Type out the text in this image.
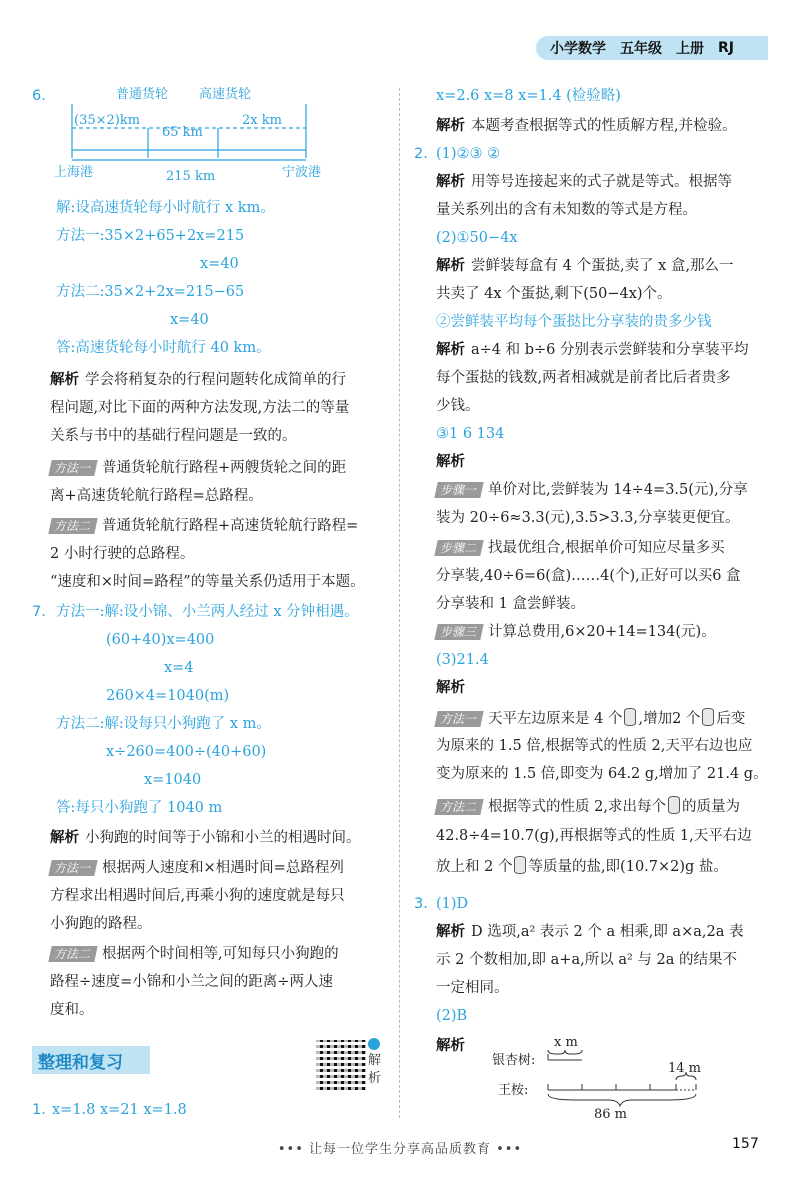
小学数学 五年级 上册 RJ
6.	普通货轮 高速货轮
(35×2)km
65 km
2x km
上海港	215 km	宁波港
解:设高速货轮每小时航行 x km。
方法一:35×2+65+2x=215
x=40
方法二:35×2+2x=215−65
x=40
答:高速货轮每小时航行 40 km。
解析 学会将稍复杂的行程问题转化成简单的行
程问题,对比下面的两种方法发现,方法二的等量
关系与书中的基础行程问题是一致的。
方法一 普通货轮航行路程+两艘货轮之间的距
离+高速货轮航行路程=总路程。
方法二 普通货轮航行路程+高速货轮航行路程=
2 小时行驶的总路程。
“速度和×时间=路程”的等量关系仍适用于本题。
7. 方法一:解:设小锦、小兰两人经过 x 分钟相遇。
(60+40)x=400
x=4
260×4=1040(m)
方法二:解:设每只小狗跑了 x m。
x÷260=400÷(40+60)
x=1040
答:每只小狗跑了 1040 m
解析 小狗跑的时间等于小锦和小兰的相遇时间。
方法一 根据两人速度和×相遇时间=总路程列
方程求出相遇时间后,再乘小狗的速度就是每只
小狗跑的路程。
方法二 根据两个时间相等,可知每只小狗跑的
路程÷速度=小锦和小兰之间的距离÷两人速
度和。
整理和复习	解
析
1. x=1.8 x=21 x=1.8
x=2.6 x=8 x=1.4 (检验略)
解析 本题考查根据等式的性质解方程,并检验。
2. (1)②③ ②
解析 用等号连接起来的式子就是等式。根据等
量关系列出的含有未知数的等式是方程。
(2)①50−4x
解析 尝鲜装每盒有 4 个蛋挞,卖了 x 盒,那么一
共卖了 4x 个蛋挞,剩下(50−4x)个。
②尝鲜装平均每个蛋挞比分享装的贵多少钱
解析 a÷4 和 b÷6 分别表示尝鲜装和分享装平均
每个蛋挞的钱数,两者相减就是前者比后者贵多
少钱。
③1 6 134
解析
步骤一 单价对比,尝鲜装为 14÷4=3.5(元),分享
装为 20÷6≈3.3(元),3.5>3.3,分享装更便宜。
步骤二 找最优组合,根据单价可知应尽量多买
分享装,40÷6=6(盒)……4(个),正好可以买6 盒
分享装和 1 盒尝鲜装。
步骤三 计算总费用,6×20+14=134(元)。
(3)21.4
解析
方法一 天平左边原来是 4 个 ,增加2 个 后变
为原来的 1.5 倍,根据等式的性质 2,天平右边也应
变为原来的 1.5 倍,即变为 64.2 g,增加了 21.4 g。
方法二 根据等式的性质 2,求出每个 的质量为
42.8÷4=10.7(g),再根据等式的性质 1,天平右边
放上和 2 个 等质量的盐,即(10.7×2)g 盐。
3. (1)D
解析 D 选项,a² 表示 2 个 a 相乘,即 a×a,2a 表
示 2 个数相加,即 a+a,所以 a² 与 2a 的结果不
一定相同。
(2)B
解析	x m
银杏树:
14 m
王桉:
86 m
••• 让每一位学生分享高品质教育 •••	157
